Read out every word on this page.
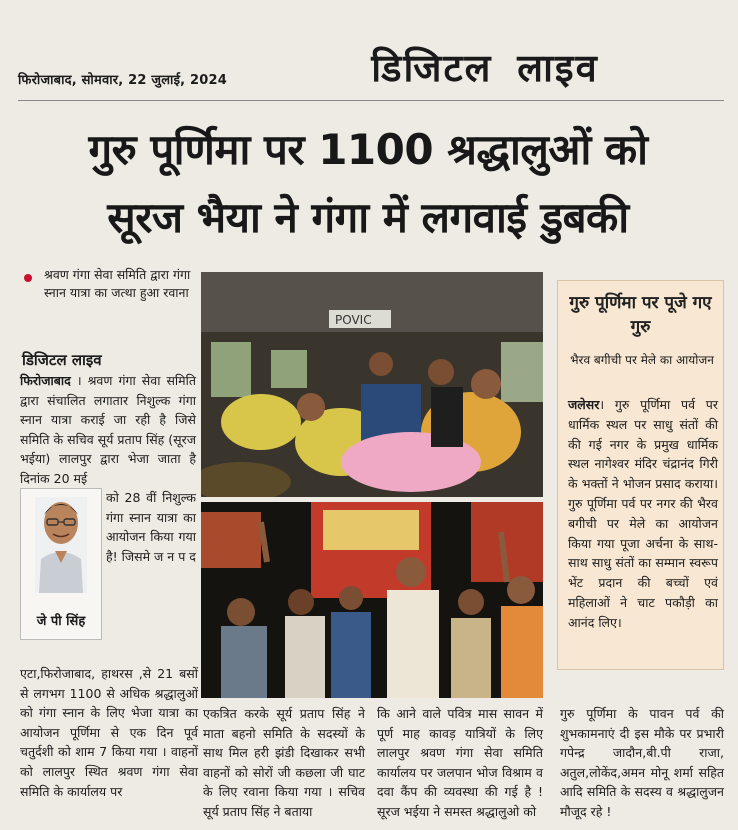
फिरोजाबाद, सोमवार, 22 जुलाई, 2024	डिजिटल लाइव
गुरु पूर्णिमा पर 1100 श्रद्धालुओं को
सूरज भैया ने गंगा में लगवाई डुबकी
श्रवण गंगा सेवा समिति द्वारा गंगा स्नान यात्रा का जत्था हुआ रवाना
डिजिटल लाइव
फिरोजाबाद । श्रवण गंगा सेवा समिति द्वारा संचालित लगातार निशुल्क गंगा स्नान यात्रा कराई जा रही है जिसे समिति के सचिव सूर्य प्रताप सिंह (सूरज भईया) लालपुर द्वारा भेजा जाता है दिनांक 20 मई
जे पी सिंह
को 28 वीं निशुल्क गंगा स्नान यात्रा का आयोजन किया गया है! जिसमे ज न प द
एटा,फिरोजाबाद, हाथरस ,से 21 बसों से लगभग 1100 से अधिक श्रद्धालुओं को गंगा स्नान के लिए भेजा यात्रा का आयोजन पूर्णिमा से एक दिन पूर्व चतुर्दशी को शाम 7 किया गया । वाहनों को लालपुर स्थित श्रवण गंगा सेवा समिति के कार्यालय पर
POVIC
एकत्रित करके सूर्य प्रताप सिंह ने माता बहनो समिति के सदस्यों के साथ मिल हरी झंडी दिखाकर सभी वाहनों को सोरों जी कछला जी घाट के लिए रवाना किया गया । सचिव सूर्य प्रताप सिंह ने बताया
कि आने वाले पवित्र मास सावन में पूर्ण माह कावड़ यात्रियों के लिए लालपुर श्रवण गंगा सेवा समिति कार्यालय पर जलपान भोज विश्राम व दवा कैंप की व्यवस्था की गई है ! सूरज भईया ने समस्त श्रद्धालुओ को
गुरु पूर्णिमा पर पूजे गए गुरु
भैरव बगीची पर मेले का आयोजन
जलेसर। गुरु पूर्णिमा पर्व पर धार्मिक स्थल पर साधु संतों की की गई नगर के प्रमुख धार्मिक स्थल नागेश्वर मंदिर चंद्रानंद गिरी के भक्तों ने भोजन प्रसाद कराया। गुरु पूर्णिमा पर्व पर नगर की भैरव बगीची पर मेले का आयोजन किया गया पूजा अर्चना के साथ-साथ साधु संतों का सम्मान स्वरूप भेंट प्रदान की बच्चों एवं महिलाओं ने चाट पकौड़ी का आनंद लिए।
गुरु पूर्णिमा के पावन पर्व की शुभकामनाएं दी इस मौके पर प्रभारी गपेन्द्र जादौन,बी.पी राजा, अतुल,लोकेंद,अमन मोनू शर्मा सहित आदि समिति के सदस्य व श्रद्धालुजन मौजूद रहे !
